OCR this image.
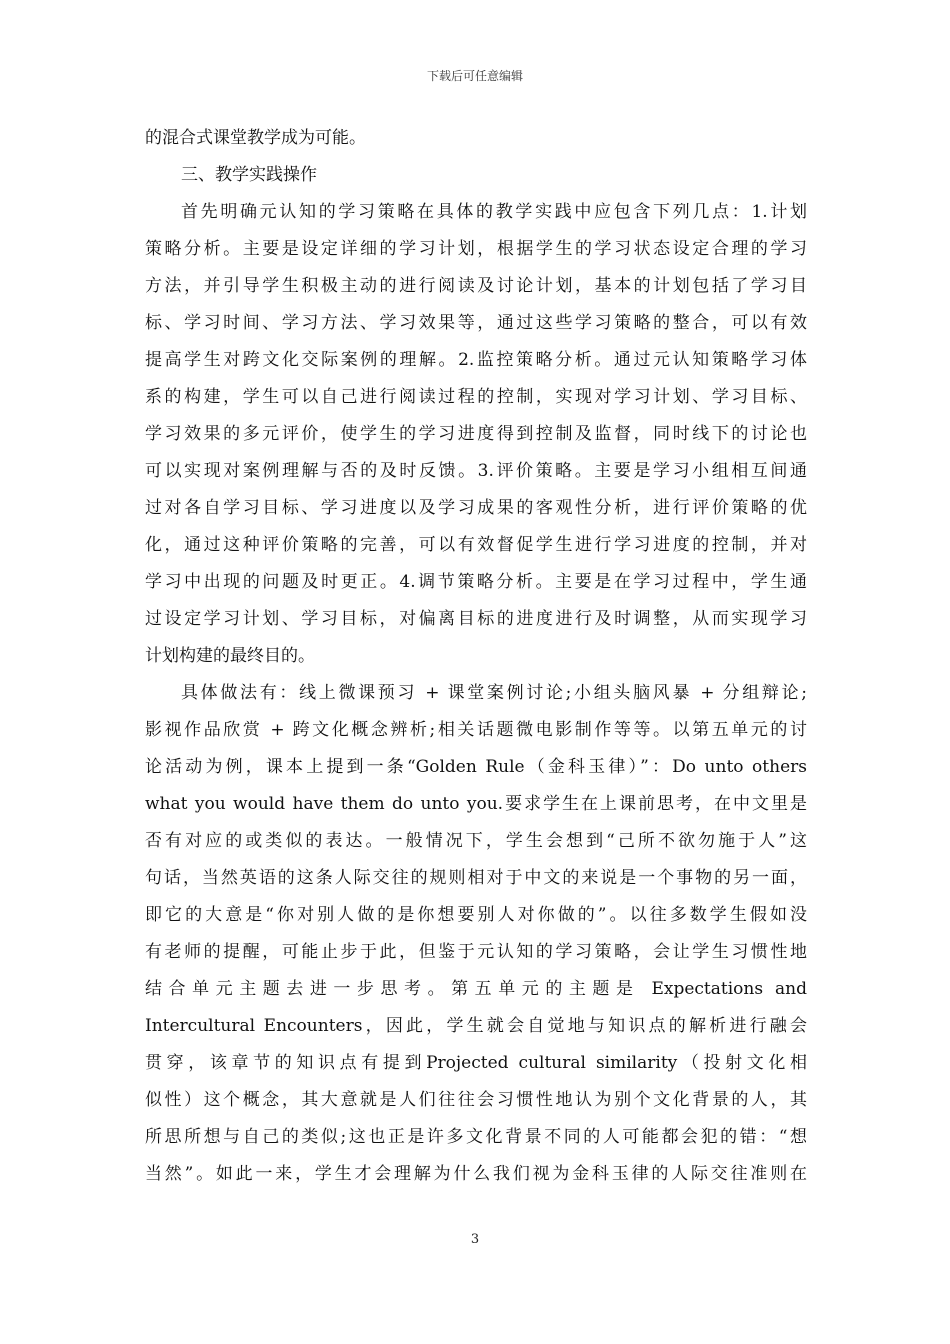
下载后可任意编辑
的混合式课堂教学成为可能。
三、教学实践操作
首先明确元认知的学习策略在具体的教学实践中应包含下列几点：1.计划
策略分析。主要是设定详细的学习计划，根据学生的学习状态设定合理的学习
方法，并引导学生积极主动的进行阅读及讨论计划，基本的计划包括了学习目
标、学习时间、学习方法、学习效果等，通过这些学习策略的整合，可以有效
提高学生对跨文化交际案例的理解。2.监控策略分析。通过元认知策略学习体
系的构建，学生可以自己进行阅读过程的控制，实现对学习计划、学习目标、
学习效果的多元评价，使学生的学习进度得到控制及监督，同时线下的讨论也
可以实现对案例理解与否的及时反馈。3.评价策略。主要是学习小组相互间通
过对各自学习目标、学习进度以及学习成果的客观性分析，进行评价策略的优
化，通过这种评价策略的完善，可以有效督促学生进行学习进度的控制，并对
学习中出现的问题及时更正。4.调节策略分析。主要是在学习过程中，学生通
过设定学习计划、学习目标，对偏离目标的进度进行及时调整，从而实现学习
计划构建的最终目的。
具体做法有：线上微课预习 + 课堂案例讨论;小组头脑风暴 + 分组辩论;
影视作品欣赏 + 跨文化概念辨析;相关话题微电影制作等等。以第五单元的讨
论活动为例，课本上提到一条“Golden Rule（金科玉律）”：Do unto others
what you would have them do unto you.要求学生在上课前思考，在中文里是
否有对应的或类似的表达。一般情况下，学生会想到“己所不欲勿施于人”这
句话，当然英语的这条人际交往的规则相对于中文的来说是一个事物的另一面，
即它的大意是“你对别人做的是你想要别人对你做的”。以往多数学生假如没
有老师的提醒，可能止步于此，但鉴于元认知的学习策略，会让学生习惯性地
结合单元主题去进一步思考。第五单元的主题是 Expectations and
Intercultural Encounters，因此，学生就会自觉地与知识点的解析进行融会
贯穿，该章节的知识点有提到Projected cultural similarity（投射文化相
似性）这个概念，其大意就是人们往往会习惯性地认为别个文化背景的人，其
所思所想与自己的类似;这也正是许多文化背景不同的人可能都会犯的错：“想
当然”。如此一来，学生才会理解为什么我们视为金科玉律的人际交往准则在
3
